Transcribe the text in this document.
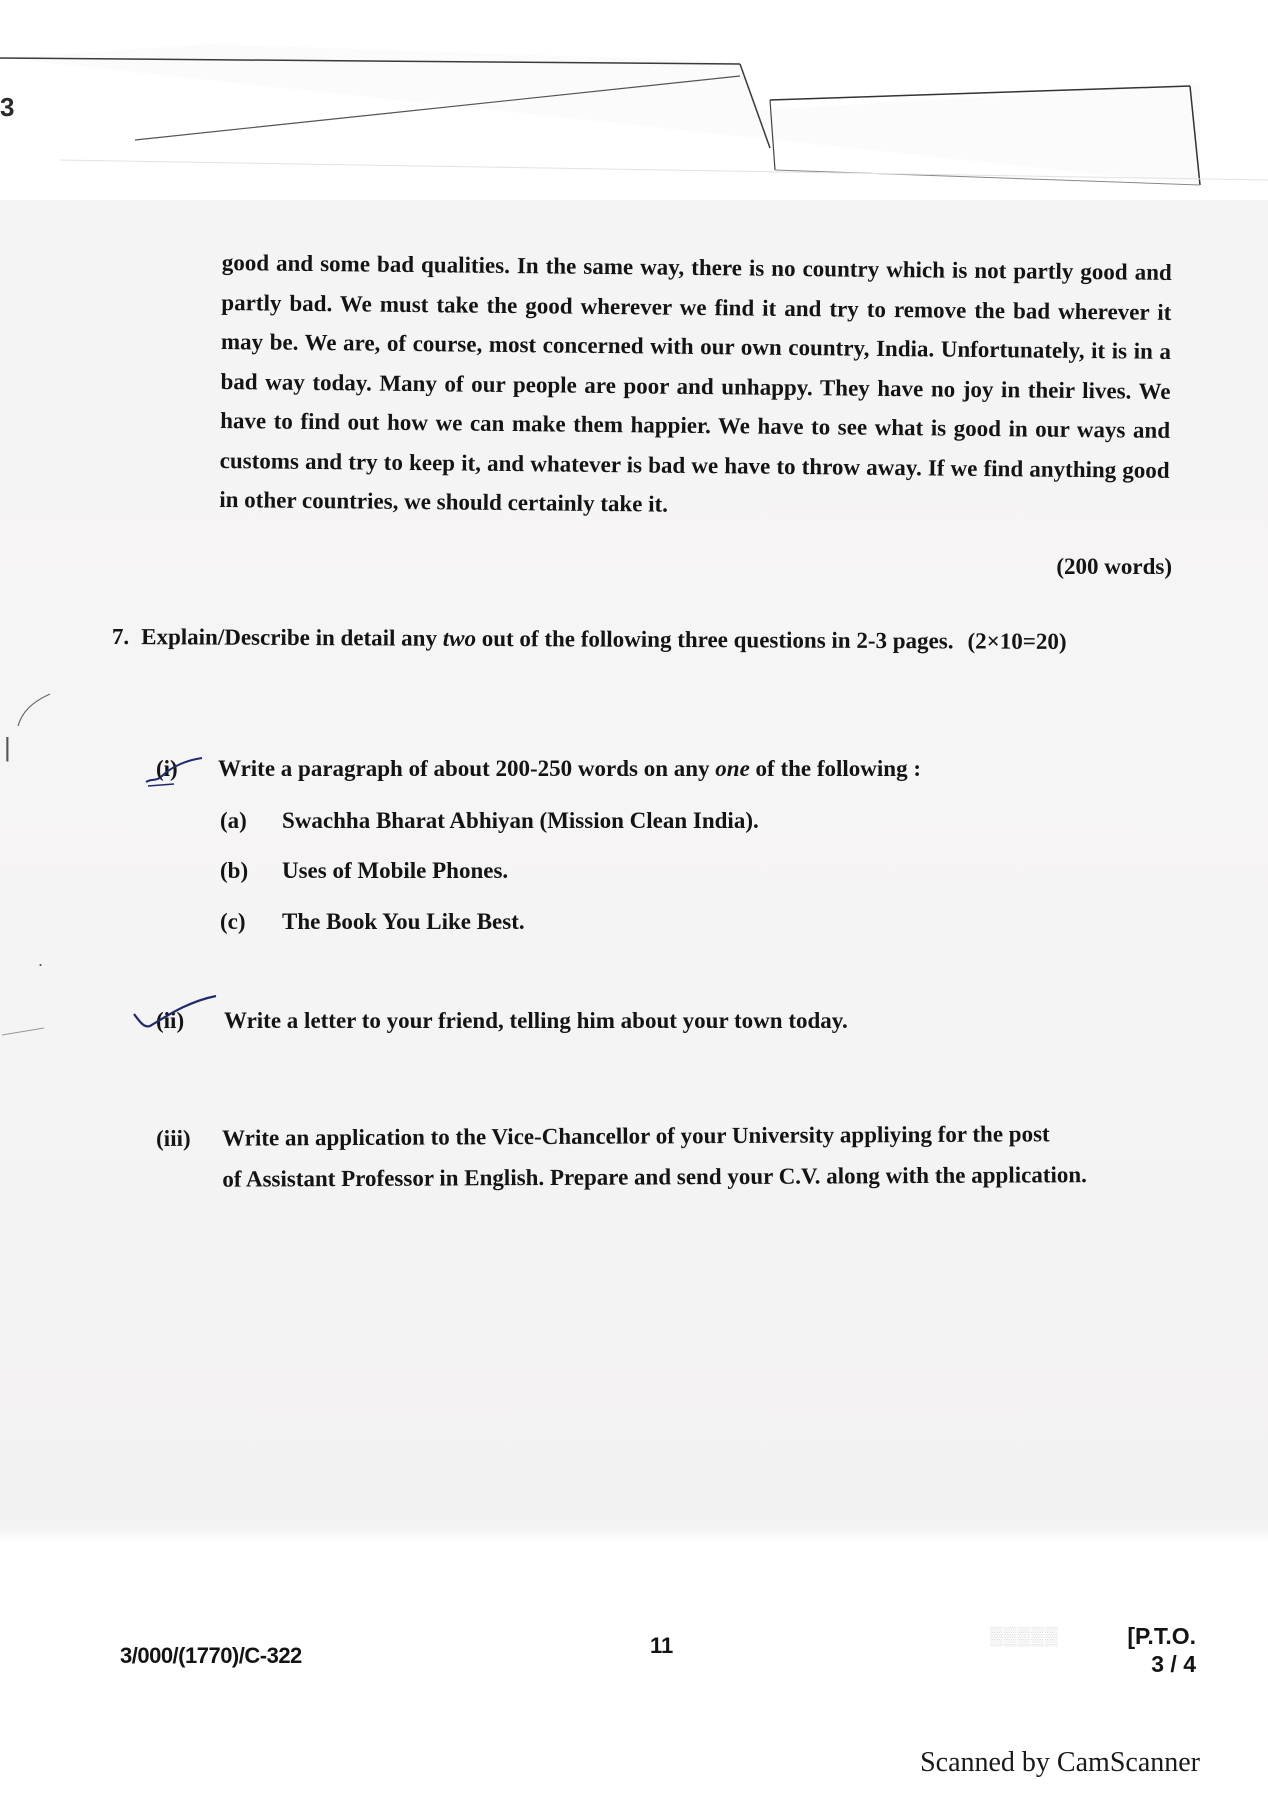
3
|
.
good and some bad qualities. In the same way, there is no country which is not partly good and partly bad. We must take the good wherever we find it and try to remove the bad wherever it may be. We are, of course, most concerned with our own country, India. Unfortunately, it is in a bad way today. Many of our people are poor and unhappy. They have no joy in their lives. We have to find out how we can make them happier. We have to see what is good in our ways and customs and try to keep it, and whatever is bad we have to throw away. If we find anything good in other countries, we should certainly take it.
(200 words)
7. Explain/Describe in detail any two out of the following three questions in 2-3 pages. (2×10=20)
(i) Write a paragraph of about 200-250 words on any one of the following :
(a) Swachha Bharat Abhiyan (Mission Clean India).
(b) Uses of Mobile Phones.
(c) The Book You Like Best.
(ii) Write a letter to your friend, telling him about your town today.
(iii) Write an application to the Vice-Chancellor of your University appliying for the post
of Assistant Professor in English. Prepare and send your C.V. along with the application.
3/000/(1770)/C-322	11	▒▒▒▒▒	[P.T.O.
3 / 4
Scanned by CamScanner
